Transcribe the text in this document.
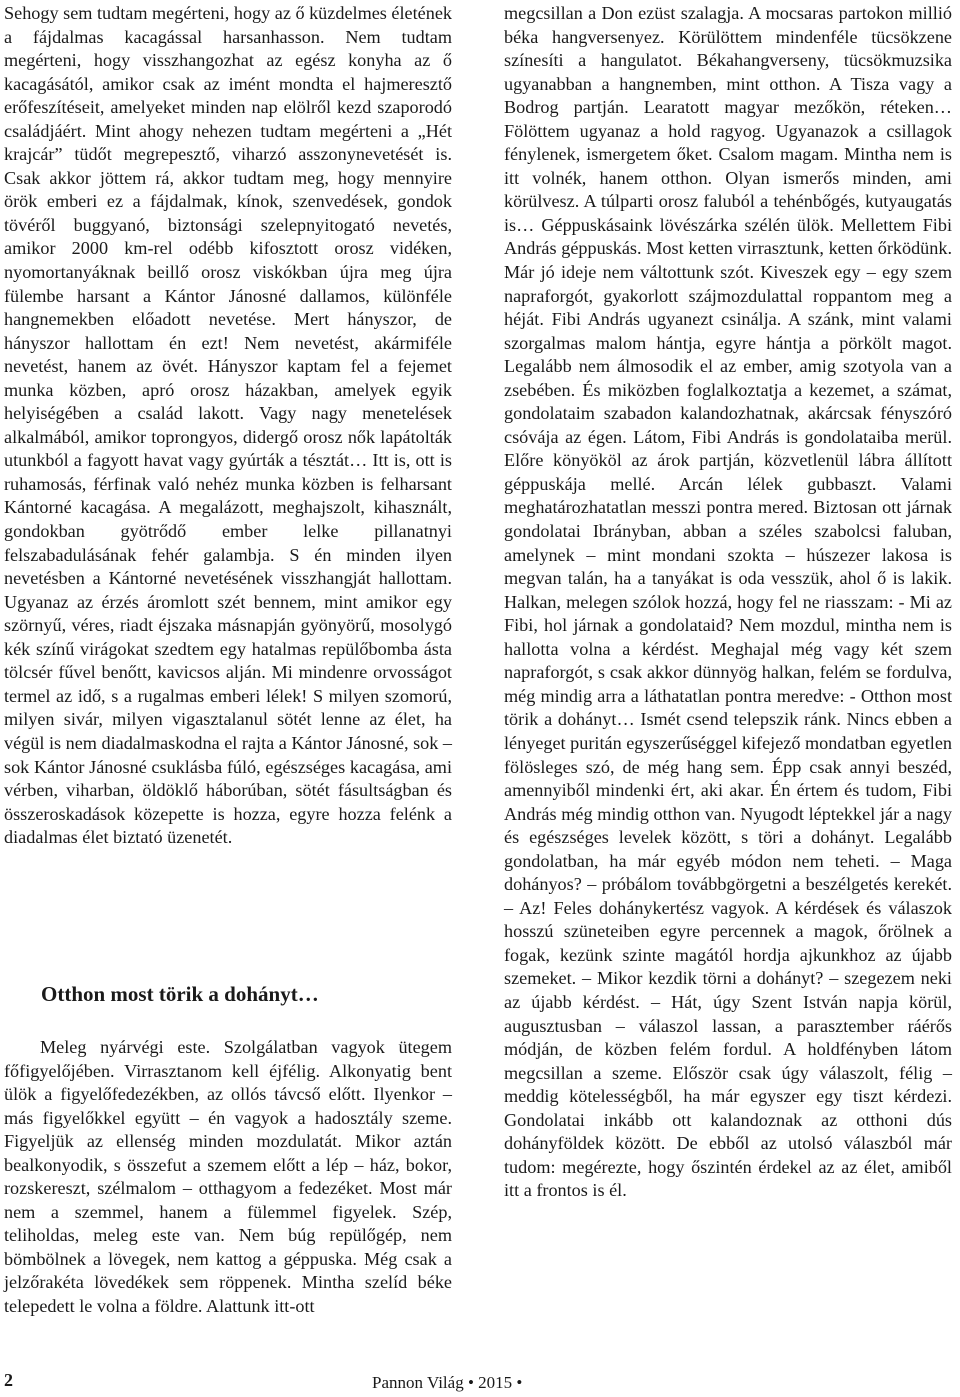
Sehogy sem tudtam megérteni, hogy az ő küzdelmes életének a fájdalmas kacagással harsanhasson. Nem tudtam megérteni, hogy visszhangozhat az egész konyha az ő kacagásától, amikor csak az imént mondta el hajmeresztő erőfeszítéseit, amelyeket minden nap elölről kezd szaporodó családjáért. Mint ahogy nehezen tudtam megérteni a „Hét krajcár” tüdőt megrepesztő, viharzó asszonynevetését is. Csak akkor jöttem rá, akkor tudtam meg, hogy mennyire örök emberi ez a fájdalmak, kínok, szenvedések, gondok tövéről buggyanó, biztonsági szelepnyitogató nevetés, amikor 2000 km-rel odébb kifosztott orosz vidéken, nyomortanyáknak beillő orosz viskókban újra meg újra fülembe harsant a Kántor Jánosné dallamos, különféle hangnemekben előadott nevetése. Mert hányszor, de hányszor hallottam én ezt! Nem nevetést, akármiféle nevetést, hanem az övét. Hányszor kaptam fel a fejemet munka közben, apró orosz házakban, amelyek egyik helyiségében a család lakott. Vagy nagy menetelések alkalmából, amikor toprongyos, didergő orosz nők lapátolták utunkból a fagyott havat vagy gyúrták a tésztát… Itt is, ott is ruhamosás, férfinak való nehéz munka közben is felharsant Kántorné kacagása. A megalázott, meghajszolt, kihasznált, gondokban gyötrődő ember lelke pillanatnyi felszabadulásának fehér galambja. S én minden ilyen nevetésben a Kántorné nevetésének visszhangját hallottam. Ugyanaz az érzés áromlott szét bennem, mint amikor egy szörnyű, véres, riadt éjszaka másnapján gyönyörű, mosolygó kék színű virágokat szedtem egy hatalmas repülőbomba ásta tölcsér fűvel benőtt, kavicsos alján. Mi mindenre orvosságot termel az idő, s a rugalmas emberi lélek! S milyen szomorú, milyen sivár, milyen vigasztalanul sötét lenne az élet, ha végül is nem diadalmaskodna el rajta a Kántor Jánosné, sok – sok Kántor Jánosné csuklásba fúló, egészséges kacagása, ami vérben, viharban, öldöklő háborúban, sötét fásultságban és összeroskadások közepette is hozza, egyre hozza felénk a diadalmas élet biztató üzenetét.

Otthon most törik a dohányt…

Meleg nyárvégi este. Szolgálatban vagyok ütegem főfigyelőjében. Virrasztanom kell éjfélig. Alkonyatig bent ülök a figyelőfedezékben, az ollós távcső előtt. Ilyenkor – más figyelőkkel együtt – én vagyok a hadosztály szeme. Figyeljük az ellenség minden mozdulatát. Mikor aztán bealkonyodik, s összefut a szemem előtt a lép – ház, bokor, rozskereszt, szélmalom – otthagyom a fedezéket. Most már nem a szemmel, hanem a fülemmel figyelek. Szép, teliholdas, meleg este van. Nem búg repülőgép, nem bömbölnek a lövegek, nem kattog a géppuska. Még csak a jelzőrakéta lövedékek sem röppenek. Mintha szelíd béke telepedett le volna a földre. Alattunk itt-ott

megcsillan a Don ezüst szalagja. A mocsaras partokon millió béka hangversenyez. Körülöttem mindenféle tücsökzene színesíti a hangulatot. Békahangverseny, tücsökmuzsika ugyanabban a hangnemben, mint otthon. A Tisza vagy a Bodrog partján. Learatott magyar mezőkön, réteken… Fölöttem ugyanaz a hold ragyog. Ugyanazok a csillagok fénylenek, ismergetem őket. Csalom magam. Mintha nem is itt volnék, hanem otthon. Olyan ismerős minden, ami körülvesz. A túlparti orosz faluból a tehénbőgés, kutyaugatás is… Géppuskásaink lövészárka szélén ülök. Mellettem Fibi András géppuskás. Most ketten virrasztunk, ketten őrködünk. Már jó ideje nem váltottunk szót. Kiveszek egy – egy szem napraforgót, gyakorlott szájmozdulattal roppantom meg a héját. Fibi András ugyanezt csinálja. A szánk, mint valami szorgalmas malom hántja, egyre hántja a pörkölt magot. Legalább nem álmosodik el az ember, amig szotyola van a zsebében. És miközben foglalkoztatja a kezemet, a számat, gondolataim szabadon kalandozhatnak, akárcsak fényszóró csóvája az égen. Látom, Fibi András is gondolataiba merül. Előre könyököl az árok partján, közvetlenül lábra állított géppuskája mellé. Arcán lélek gubbaszt. Valami meghatározhatatlan messzi pontra mered. Biztosan ott járnak gondolatai Ibrányban, abban a széles szabolcsi faluban, amelynek – mint mondani szokta – húszezer lakosa is megvan talán, ha a tanyákat is oda vesszük, ahol ő is lakik. Halkan, melegen szólok hozzá, hogy fel ne riasszam: - Mi az Fibi, hol járnak a gondolataid? Nem mozdul, mintha nem is hallotta volna a kérdést. Meghajal még vagy két szem napraforgót, s csak akkor dünnyög halkan, felém se fordulva, még mindig arra a láthatatlan pontra meredve: - Otthon most törik a dohányt… Ismét csend telepszik ránk. Nincs ebben a lényeget puritán egyszerűséggel kifejező mondatban egyetlen fölösleges szó, de még hang sem. Épp csak annyi beszéd, amennyiből mindenki ért, aki akar. Én értem és tudom, Fibi András még mindig otthon van. Nyugodt léptekkel jár a nagy és egészséges levelek között, s töri a dohányt. Legalább gondolatban, ha már egyéb módon nem teheti. – Maga dohányos? – próbálom továbbgörgetni a beszélgetés kerekét. – Az! Feles dohánykertész vagyok. A kérdések és válaszok hosszú szüneteiben egyre percennek a magok, őrölnek a fogak, kezünk szinte magától hordja ajkunkhoz az újabb szemeket. – Mikor kezdik törni a dohányt? – szegezem neki az újabb kérdést. – Hát, úgy Szent István napja körül, augusztusban – válaszol lassan, a parasztember ráérős módján, de közben felém fordul. A holdfényben látom megcsillan a szeme. Először csak úgy válaszolt, félig – meddig kötelességből, ha már egyszer egy tiszt kérdezi. Gondolatai inkább ott kalandoznak az otthoni dús dohányföldek között. De ebből az utolsó válaszból már tudom: megérezte, hogy őszintén érdekel az az élet, amiből itt a frontos is él.

2	Pannon Világ • 2015 •
